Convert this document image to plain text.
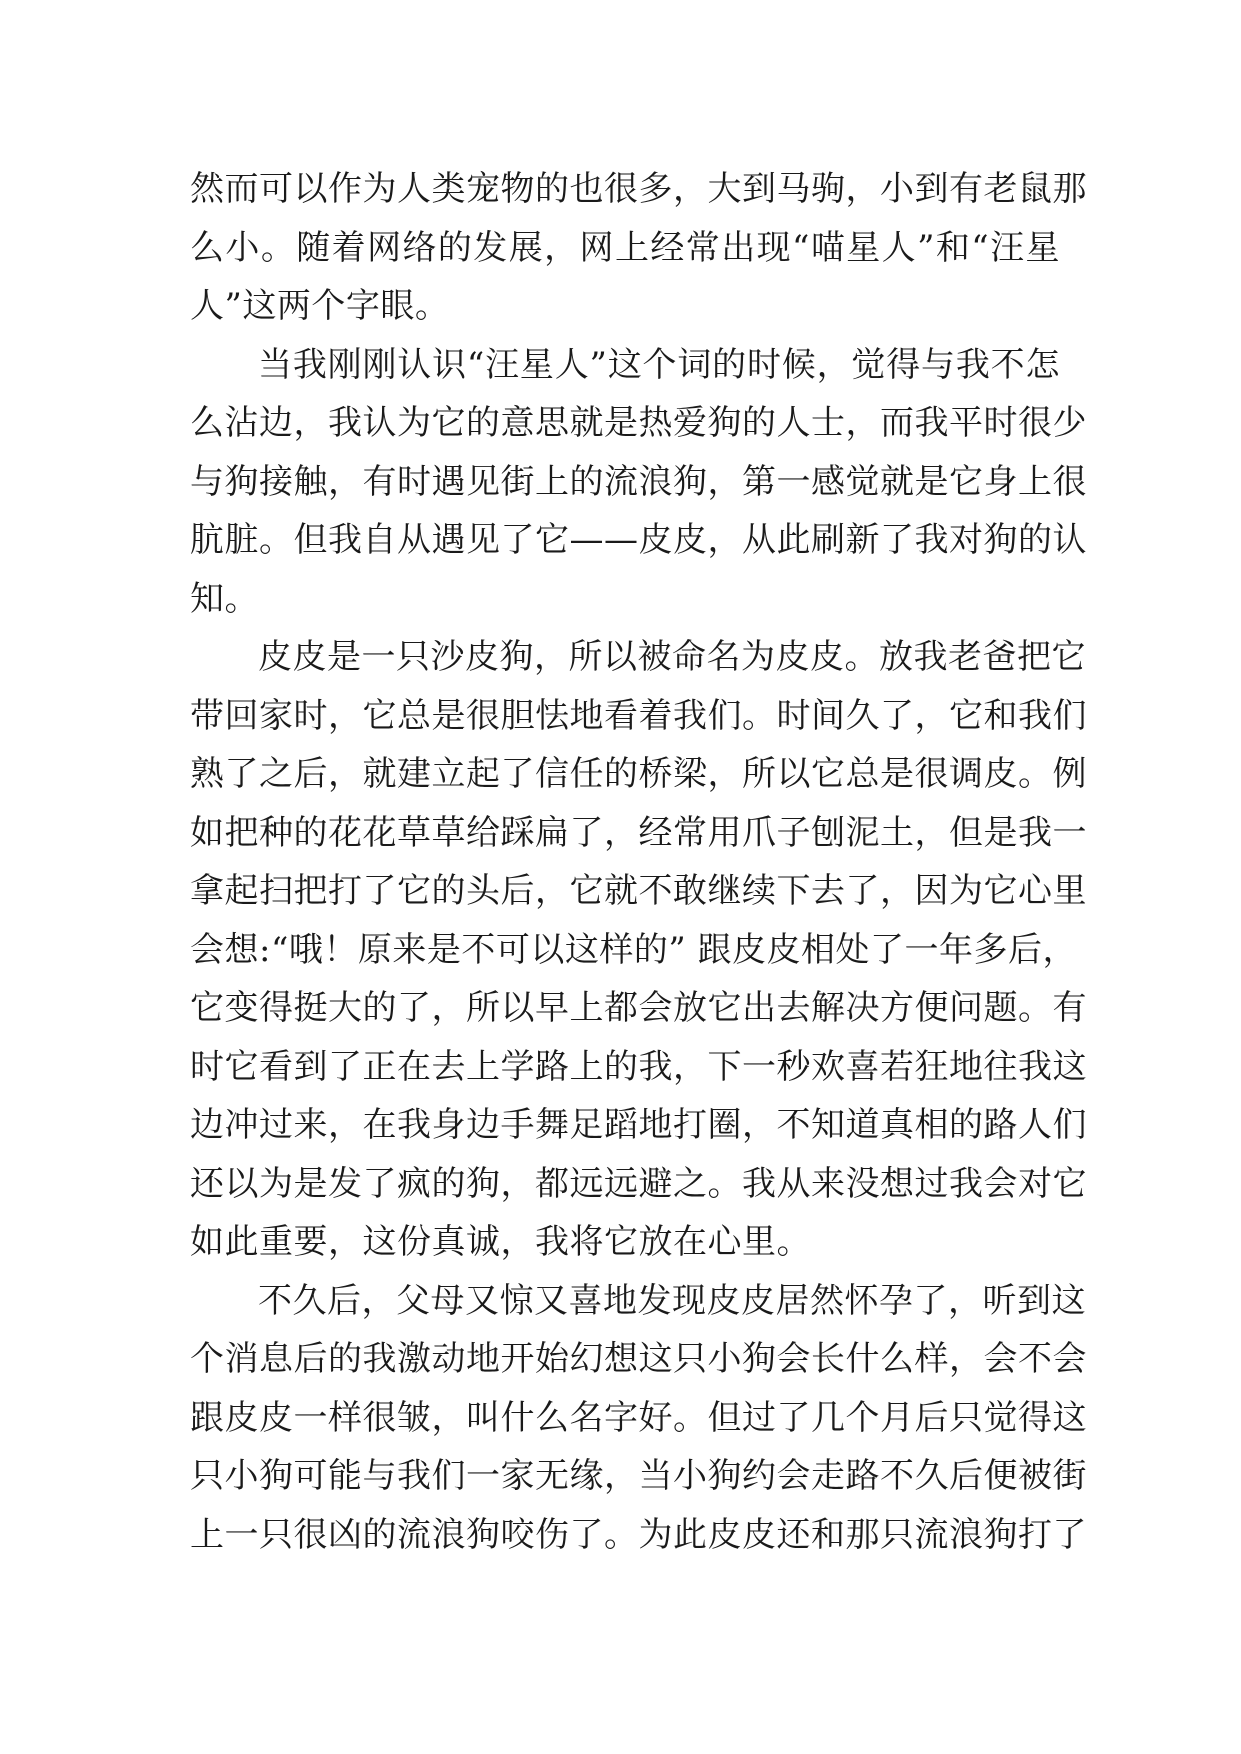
然而可以作为人类宠物的也很多，大到马驹，小到有老鼠那
么小。随着网络的发展，网上经常出现“喵星人”和“汪星
人”这两个字眼。
当我刚刚认识“汪星人”这个词的时候，觉得与我不怎
么沾边，我认为它的意思就是热爱狗的人士，而我平时很少
与狗接触，有时遇见街上的流浪狗，第一感觉就是它身上很
肮脏。但我自从遇见了它——皮皮，从此刷新了我对狗的认
知。
皮皮是一只沙皮狗，所以被命名为皮皮。放我老爸把它
带回家时，它总是很胆怯地看着我们。时间久了，它和我们
熟了之后，就建立起了信任的桥梁，所以它总是很调皮。例
如把种的花花草草给踩扁了，经常用爪子刨泥土，但是我一
拿起扫把打了它的头后，它就不敢继续下去了，因为它心里
会想:“哦！原来是不可以这样的” 跟皮皮相处了一年多后，
它变得挺大的了，所以早上都会放它出去解决方便问题。有
时它看到了正在去上学路上的我，下一秒欢喜若狂地往我这
边冲过来，在我身边手舞足蹈地打圈，不知道真相的路人们
还以为是发了疯的狗，都远远避之。我从来没想过我会对它
如此重要，这份真诚，我将它放在心里。
不久后，父母又惊又喜地发现皮皮居然怀孕了，听到这
个消息后的我激动地开始幻想这只小狗会长什么样，会不会
跟皮皮一样很皱，叫什么名字好。但过了几个月后只觉得这
只小狗可能与我们一家无缘，当小狗约会走路不久后便被街
上一只很凶的流浪狗咬伤了。为此皮皮还和那只流浪狗打了
